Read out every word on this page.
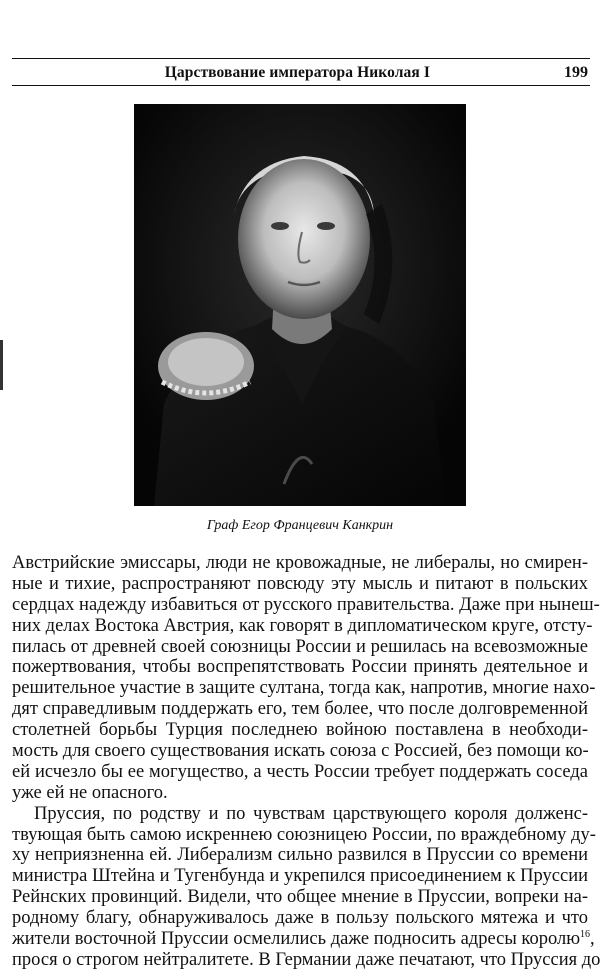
Царствование императора Николая I	199
Граф Егор Францевич Канкрин
Австрийские эмиссары, люди не кровожадные, не либералы, но смирен-
ные и тихие, распространяют повсюду эту мысль и питают в польских
сердцах надежду избавиться от русского правительства. Даже при нынеш-
них делах Востока Австрия, как говорят в дипломатическом круге, отсту-
пилась от древней своей союзницы России и решилась на всевозможные
пожертвования, чтобы воспрепятствовать России принять деятельное и
решительное участие в защите султана, тогда как, напротив, многие нахо-
дят справедливым поддержать его, тем более, что после долговременной
столетней борьбы Турция последнею войною поставлена в необходи-
мость для своего существования искать союза с Россией, без помощи ко-
ей исчезло бы ее могущество, а честь России требует поддержать соседа
уже ей не опасного.
Пруссия, по родству и по чувствам царствующего короля долженс-
твующая быть самою искреннею союзницею России, по враждебному ду-
ху неприязненна ей. Либерализм сильно развился в Пруссии со времени
министра Штейна и Тугенбунда и укрепился присоединением к Пруссии
Рейнских провинций. Видели, что общее мнение в Пруссии, вопреки на-
родному благу, обнаруживалось даже в пользу польского мятежа и что
жители восточной Пруссии осмелились даже подносить адресы королю$^{16}$,
прося о строгом нейтралитете. В Германии даже печатают, что Пруссия до
